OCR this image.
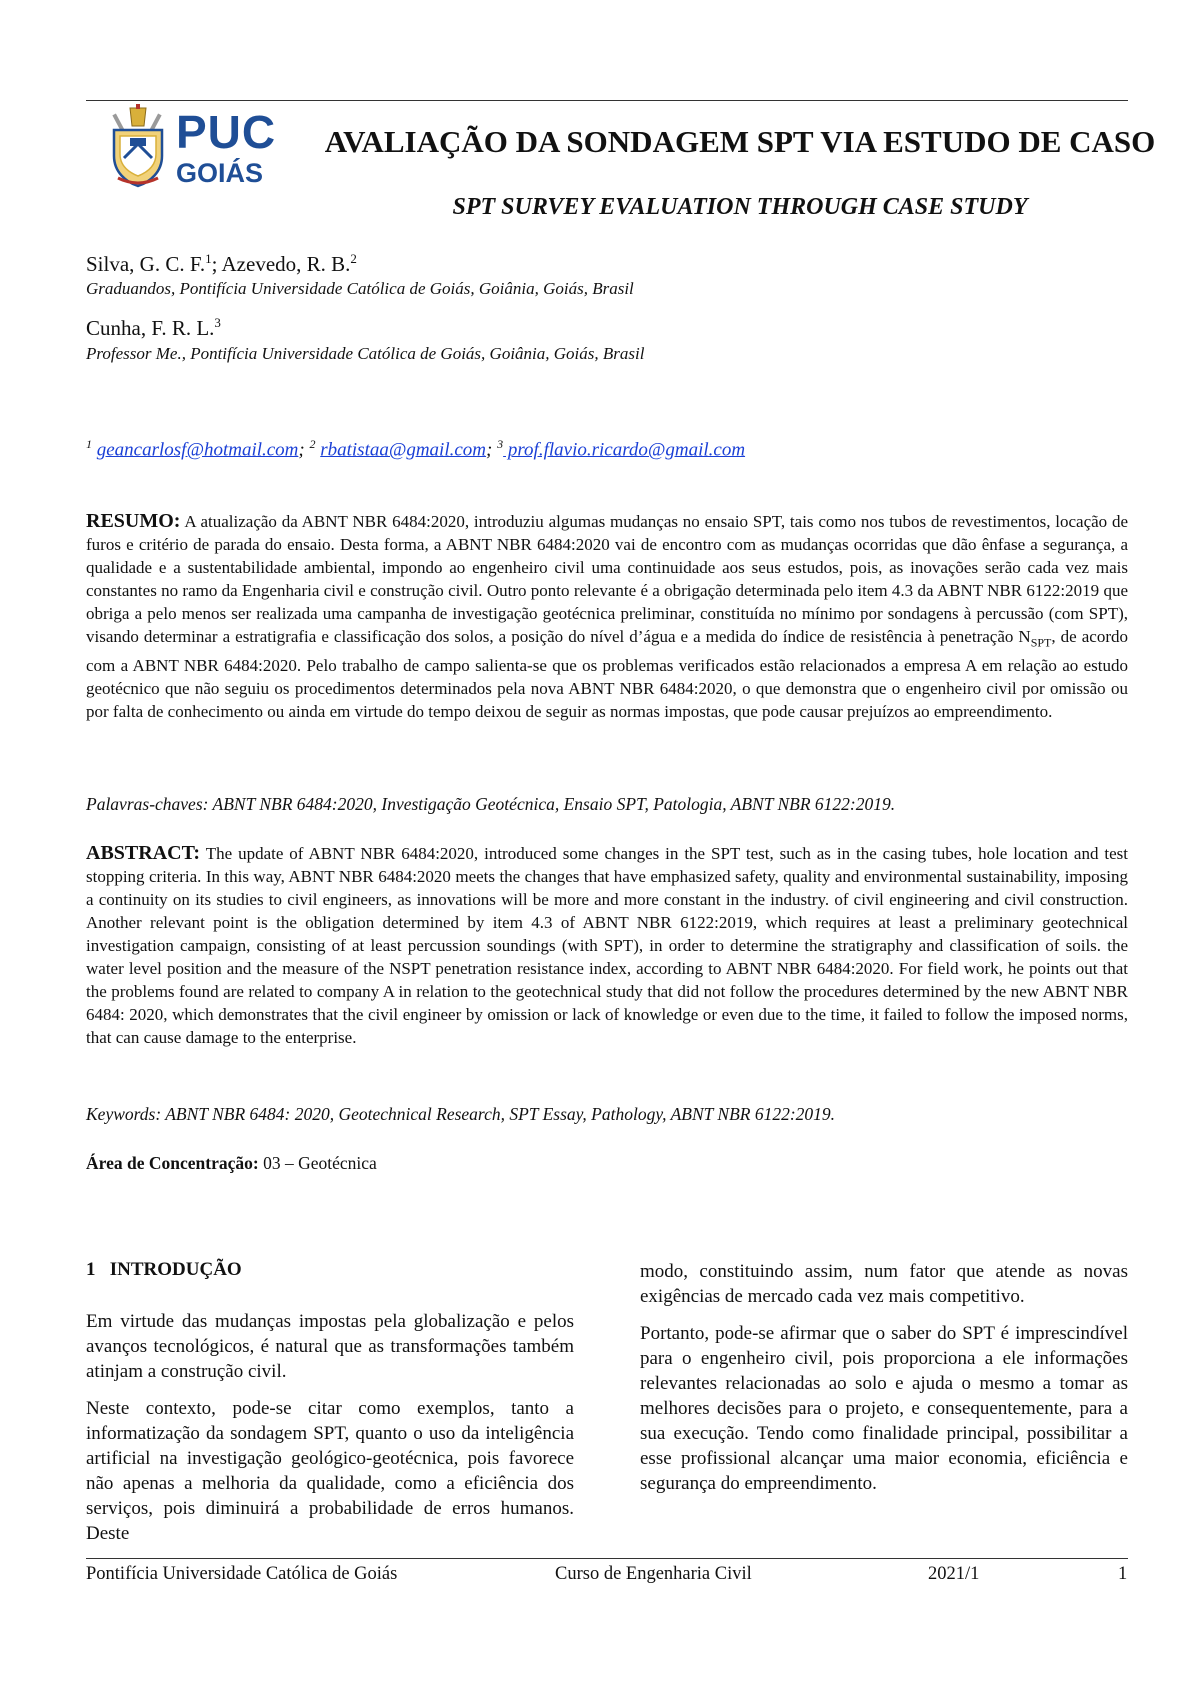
PUC
GOIÁS
AVALIAÇÃO DA SONDAGEM SPT VIA ESTUDO DE CASO
SPT SURVEY EVALUATION THROUGH CASE STUDY
Silva, G. C. F.$^1$; Azevedo, R. B.$^2$
Graduandos, Pontifícia Universidade Católica de Goiás, Goiânia, Goiás, Brasil
Cunha, F. R. L.$^3$
Professor Me., Pontifícia Universidade Católica de Goiás, Goiânia, Goiás, Brasil
$^1$ geancarlosf@hotmail.com; $^2$ rbatistaa@gmail.com; $^3$ prof.flavio.ricardo@gmail.com
RESUMO: A atualização da ABNT NBR 6484:2020, introduziu algumas mudanças no ensaio SPT, tais como nos tubos de revestimentos, locação de furos e critério de parada do ensaio. Desta forma, a ABNT NBR 6484:2020 vai de encontro com as mudanças ocorridas que dão ênfase a segurança, a qualidade e a sustentabilidade ambiental, impondo ao engenheiro civil uma continuidade aos seus estudos, pois, as inovações serão cada vez mais constantes no ramo da Engenharia civil e construção civil. Outro ponto relevante é a obrigação determinada pelo item 4.3 da ABNT NBR 6122:2019 que obriga a pelo menos ser realizada uma campanha de investigação geotécnica preliminar, constituída no mínimo por sondagens à percussão (com SPT), visando determinar a estratigrafia e classificação dos solos, a posição do nível d’água e a medida do índice de resistência à penetração $N_{SPT}$, de acordo com a ABNT NBR 6484:2020. Pelo trabalho de campo salienta-se que os problemas verificados estão relacionados a empresa A em relação ao estudo geotécnico que não seguiu os procedimentos determinados pela nova ABNT NBR 6484:2020, o que demonstra que o engenheiro civil por omissão ou por falta de conhecimento ou ainda em virtude do tempo deixou de seguir as normas impostas, que pode causar prejuízos ao empreendimento.
Palavras-chaves: ABNT NBR 6484:2020, Investigação Geotécnica, Ensaio SPT, Patologia, ABNT NBR 6122:2019.
ABSTRACT: The update of ABNT NBR 6484:2020, introduced some changes in the SPT test, such as in the casing tubes, hole location and test stopping criteria. In this way, ABNT NBR 6484:2020 meets the changes that have emphasized safety, quality and environmental sustainability, imposing a continuity on its studies to civil engineers, as innovations will be more and more constant in the industry. of civil engineering and civil construction. Another relevant point is the obligation determined by item 4.3 of ABNT NBR 6122:2019, which requires at least a preliminary geotechnical investigation campaign, consisting of at least percussion soundings (with SPT), in order to determine the stratigraphy and classification of soils. the water level position and the measure of the NSPT penetration resistance index, according to ABNT NBR 6484:2020. For field work, he points out that the problems found are related to company A in relation to the geotechnical study that did not follow the procedures determined by the new ABNT NBR 6484: 2020, which demonstrates that the civil engineer by omission or lack of knowledge or even due to the time, it failed to follow the imposed norms, that can cause damage to the enterprise.
Keywords: ABNT NBR 6484: 2020, Geotechnical Research, SPT Essay, Pathology, ABNT NBR 6122:2019.
Área de Concentração: 03 – Geotécnica
1   INTRODUÇÃO

Em virtude das mudanças impostas pela globalização e pelos avanços tecnológicos, é natural que as transformações também atinjam a construção civil.

Neste contexto, pode-se citar como exemplos, tanto a informatização da sondagem SPT, quanto o uso da inteligência artificial na investigação geológico-geotécnica, pois favorece não apenas a melhoria da qualidade, como a eficiência dos serviços, pois diminuirá a probabilidade de erros humanos. Deste

modo, constituindo assim, num fator que atende as novas exigências de mercado cada vez mais competitivo.

Portanto, pode-se afirmar que o saber do SPT é imprescindível para o engenheiro civil, pois proporciona a ele informações relevantes relacionadas ao solo e ajuda o mesmo a tomar as melhores decisões para o projeto, e consequentemente, para a sua execução. Tendo como finalidade principal, possibilitar a esse profissional alcançar uma maior economia, eficiência e segurança do empreendimento.

Pontifícia Universidade Católica de Goiás	Curso de Engenharia Civil	2021/1	1
